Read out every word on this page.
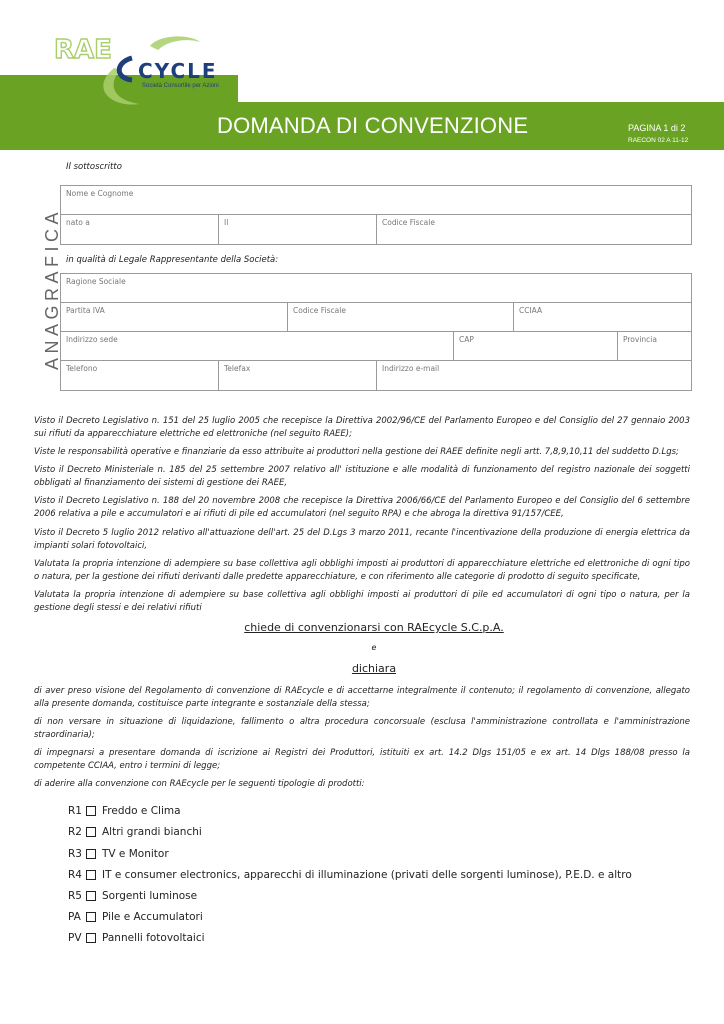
RAE
CYCLE
Società Consortile per Azioni
DOMANDA DI CONVENZIONE	PAGINA 1 di 2
RAECON 02 A 11-12
ANAGRAFICA
Il sottoscritto
Nome e Cognome
nato a	Il	Codice Fiscale
in qualità di Legale Rappresentante della Società:
Ragione Sociale
Partita IVA	Codice Fiscale	CCIAA
Indirizzo sede	CAP	Provincia
Telefono	Telefax	Indirizzo e-mail
Visto il Decreto Legislativo n. 151 del 25 luglio 2005 che recepisce la Direttiva 2002/96/CE del Parlamento Europeo e del Consiglio del 27 gennaio 2003 sui rifiuti da apparecchiature elettriche ed elettroniche (nel seguito RAEE);
Viste le responsabilità operative e finanziarie da esso attribuite ai produttori nella gestione dei RAEE definite negli artt. 7,8,9,10,11 del suddetto D.Lgs;
Visto il Decreto Ministeriale n. 185 del 25 settembre 2007 relativo all' istituzione e alle modalità di funzionamento del registro nazionale dei soggetti obbligati al finanziamento dei sistemi di gestione dei RAEE,
Visto il Decreto Legislativo n. 188 del 20 novembre 2008 che recepisce la Direttiva 2006/66/CE del Parlamento Europeo e del Consiglio del 6 settembre 2006 relativa a pile e accumulatori e ai rifiuti di pile ed accumulatori (nel seguito RPA) e che abroga la direttiva 91/157/CEE,
Visto il Decreto 5 luglio 2012 relativo all'attuazione dell'art. 25 del D.Lgs 3 marzo 2011, recante l'incentivazione della produzione di energia elettrica da impianti solari fotovoltaici,
Valutata la propria intenzione di adempiere su base collettiva agli obblighi imposti ai produttori di apparecchiature elettriche ed elettroniche di ogni tipo o natura, per la gestione dei rifiuti derivanti dalle predette apparecchiature, e con riferimento alle categorie di prodotto di seguito specificate,
Valutata la propria intenzione di adempiere su base collettiva agli obblighi imposti ai produttori di pile ed accumulatori di ogni tipo o natura, per la gestione degli stessi e dei relativi rifiuti
chiede di convenzionarsi con RAEcycle S.C.p.A.
e
dichiara
di aver preso visione del Regolamento di convenzione di RAEcycle e di accettarne integralmente il contenuto; il regolamento di convenzione, allegato alla presente domanda, costituisce parte integrante e sostanziale della stessa;
di non versare in situazione di liquidazione, fallimento o altra procedura concorsuale (esclusa l'amministrazione controllata e l'amministrazione straordinaria);
di impegnarsi a presentare domanda di iscrizione ai Registri dei Produttori, istituiti ex art. 14.2 Dlgs 151/05 e ex art. 14 Dlgs 188/08 presso la competente CCIAA, entro i termini di legge;
di aderire alla convenzione con RAEcycle per le seguenti tipologie di prodotti:
R1	Freddo e Clima
R2	Altri grandi bianchi
R3	TV e Monitor
R4	IT e consumer electronics, apparecchi di illuminazione (privati delle sorgenti luminose), P.E.D. e altro
R5	Sorgenti luminose
PA	Pile e Accumulatori
PV	Pannelli fotovoltaici
